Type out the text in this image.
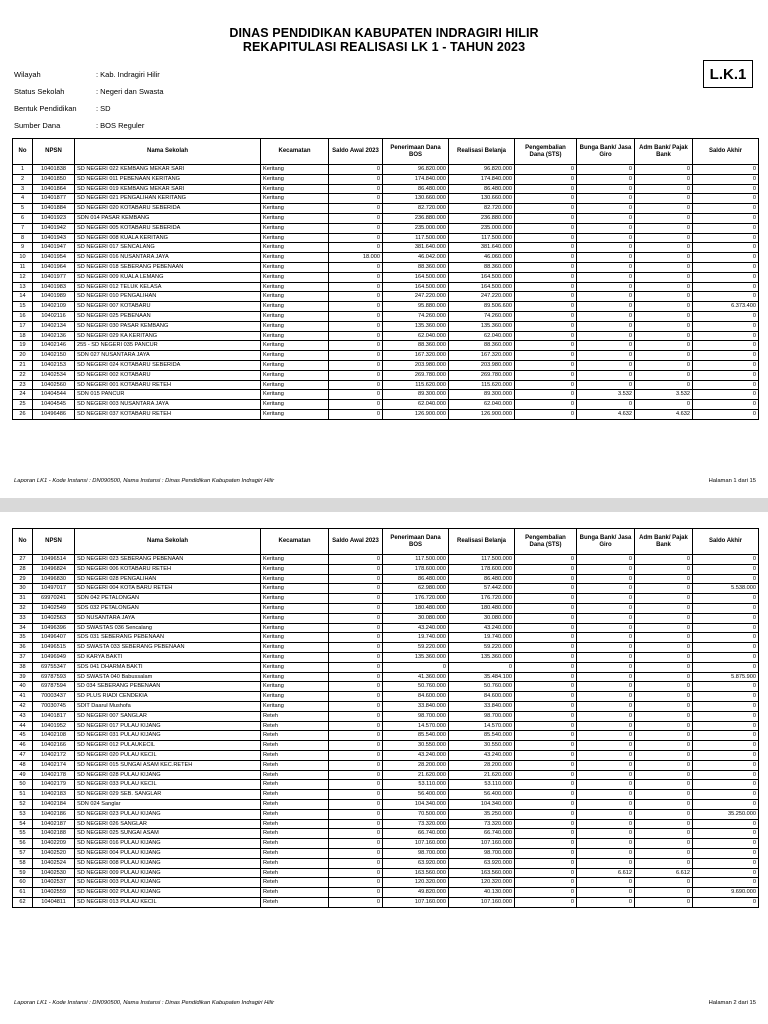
DINAS PENDIDIKAN KABUPATEN INDRAGIRI HILIR
REKAPITULASI REALISASI LK 1 - TAHUN 2023
L.K.1
Wilayah	: Kab. Indragiri Hilir
Status Sekolah	: Negeri dan Swasta
Bentuk Pendidikan	: SD
Sumber Dana	: BOS Reguler
No	NPSN	Nama Sekolah	Kecamatan	Saldo Awal 2023	Penerimaan Dana BOS	Realisasi Belanja	Pengembalian Dana (STS)	Bunga Bank/ Jasa Giro	Adm Bank/ Pajak Bank	Saldo Akhir
1	10401838	SD NEGERI 022 KEMBANG MEKAR SARI	Keritang	0	96.820.000	96.820.000	0	0	0	0
2	10401850	SD NEGERI 011 PEBENAAN KERITANG	Keritang	0	174.840.000	174.840.000	0	0	0	0
3	10401864	SD NEGERI 019 KEMBANG MEKAR SARI	Keritang	0	86.480.000	86.480.000	0	0	0	0
4	10401877	SD NEGERI 021 PENGALIHAN KERITANG	Keritang	0	130.660.000	130.660.000	0	0	0	0
5	10401884	SD NEGERI 020 KOTABARU SEBERIDA	Keritang	0	82.720.000	82.720.000	0	0	0	0
6	10401923	SDN 014 PASAR KEMBANG	Keritang	0	236.880.000	236.880.000	0	0	0	0
7	10401942	SD NEGERI 005 KOTABARU SEBERIDA	Keritang	0	235.000.000	235.000.000	0	0	0	0
8	10401943	SD NEGERI 008 KUALA KERITANG	Keritang	0	117.500.000	117.500.000	0	0	0	0
9	10401947	SD NEGERI 017 SENCALANG	Keritang	0	381.640.000	381.640.000	0	0	0	0
10	10401954	SD NEGERI 016 NUSANTARA JAYA	Keritang	18.000	46.042.000	46.060.000	0	0	0	0
11	10401964	SD NEGERI 018 SEBERANG PEBENAAN	Keritang	0	88.360.000	88.360.000	0	0	0	0
12	10401977	SD NEGERI 009 KUALA LEMANG	Keritang	0	164.500.000	164.500.000	0	0	0	0
13	10401983	SD NEGERI 012 TELUK KELASA	Keritang	0	164.500.000	164.500.000	0	0	0	0
14	10401989	SD NEGERI 010 PENGALIHAN	Keritang	0	247.220.000	247.220.000	0	0	0	0
15	10402109	SD NEGERI 007 KOTABARU	Keritang	0	95.880.000	89.506.600	0	0	0	6.373.400
16	10402116	SD NEGERI 025 PEBENAAN	Keritang	0	74.260.000	74.260.000	0	0	0	0
17	10402134	SD NEGERI 030 PASAR KEMBANG	Keritang	0	135.360.000	135.360.000	0	0	0	0
18	10402136	SD NEGERI 029 KA KERITANG	Keritang	0	62.040.000	62.040.000	0	0	0	0
19	10402146	255 - SD NEGERI 035 PANCUR	Keritang	0	88.360.000	88.360.000	0	0	0	0
20	10402150	SDN 027 NUSANTARA JAYA	Keritang	0	167.320.000	167.320.000	0	0	0	0
21	10402153	SD NEGERI 024 KOTABARU SEBERIDA	Keritang	0	203.980.000	203.980.000	0	0	0	0
22	10402534	SD NEGERI 002 KOTABARU	Keritang	0	269.780.000	269.780.000	0	0	0	0
23	10402560	SD NEGERI 001 KOTABARU RETEH	Keritang	0	115.620.000	115.620.000	0	0	0	0
24	10404544	SDN 015 PANCUR	Keritang	0	89.300.000	89.300.000	0	3.532	3.532	0
25	10404545	SD NEGERI 003 NUSANTARA JAYA	Keritang	0	62.040.000	62.040.000	0	0	0	0
26	10496486	SD NEGERI 037 KOTABARU RETEH	Keritang	0	126.900.000	126.900.000	0	4.632	4.632	0
Laporan LK1 - Kode Instansi : DN090500, Nama Instansi : Dinas Pendidikan Kabupaten Indragiri Hilir	Halaman 1 dari 15
No	NPSN	Nama Sekolah	Kecamatan	Saldo Awal 2023	Penerimaan Dana BOS	Realisasi Belanja	Pengembalian Dana (STS)	Bunga Bank/ Jasa Giro	Adm Bank/ Pajak Bank	Saldo Akhir
27	10496514	SD NEGERI 023 SEBERANG PEBENAAN	Keritang	0	117.500.000	117.500.000	0	0	0	0
28	10496824	SD NEGERI 006 KOTABARU RETEH	Keritang	0	178.600.000	178.600.000	0	0	0	0
29	10496830	SD NEGERI 028 PENGALIHAN	Keritang	0	86.480.000	86.480.000	0	0	0	0
30	10497017	SD NEGERI 004 KOTA BARU RETEH	Keritang	0	62.980.000	57.442.000	0	0	0	5.538.000
31	69970241	SDN 042 PETALONGAN	Keritang	0	176.720.000	176.720.000	0	0	0	0
32	10402549	SDS 032 PETALONGAN	Keritang	0	180.480.000	180.480.000	0	0	0	0
33	10402563	SD NUSANTARA JAYA	Keritang	0	30.080.000	30.080.000	0	0	0	0
34	10496396	SD SWASTAS 036 Sencalang	Keritang	0	43.240.000	43.240.000	0	0	0	0
35	10496407	SDS 031 SEBERANG PEBENAAN	Keritang	0	19.740.000	19.740.000	0	0	0	0
36	10496515	SD SWASTA 033 SEBERANG PEBENAAN	Keritang	0	59.220.000	59.220.000	0	0	0	0
37	10496949	SD KARYA BAKTI	Keritang	0	135.360.000	135.360.000	0	0	0	0
38	69755347	SDS 041 DHARMA BAKTI	Keritang	0	0	0	0	0	0	0
39	69787593	SD SWASTA 040 Babussalam	Keritang	0	41.360.000	35.484.100	0	0	0	5.875.900
40	69787594	SD 034 SEBERANG PEBENAAN	Keritang	0	50.760.000	50.760.000	0	0	0	0
41	70003437	SD PLUS RIADI CENDEKIA	Keritang	0	84.600.000	84.600.000	0	0	0	0
42	70030745	SDIT Daarul Mushofa	Keritang	0	33.840.000	33.840.000	0	0	0	0
43	10401817	SD NEGERI 007 SANGLAR	Reteh	0	98.700.000	98.700.000	0	0	0	0
44	10401952	SD NEGERI 017 PULAU KIJANG	Reteh	0	14.570.000	14.570.000	0	0	0	0
45	10402108	SD NEGERI 031 PULAU KIJANG	Reteh	0	85.540.000	85.540.000	0	0	0	0
46	10402166	SD NEGERI 012 PULAUKECIL	Reteh	0	30.550.000	30.550.000	0	0	0	0
47	10402172	SD NEGERI 020 PULAU KECIL	Reteh	0	43.240.000	43.240.000	0	0	0	0
48	10402174	SD NEGERI 015 SUNGAI ASAM KEC.RETEH	Reteh	0	28.200.000	28.200.000	0	0	0	0
49	10402178	SD NEGERI 028 PULAU KIJANG	Reteh	0	21.620.000	21.620.000	0	0	0	0
50	10402179	SD NEGERI 033 PULAU KECIL	Reteh	0	53.110.000	53.110.000	0	0	0	0
51	10402183	SD NEGERI 029 SEB. SANGLAR	Reteh	0	56.400.000	56.400.000	0	0	0	0
52	10402184	SDN 024 Sanglar	Reteh	0	104.340.000	104.340.000	0	0	0	0
53	10402186	SD NEGERI 023 PULAU KIJANG	Reteh	0	70.500.000	35.250.000	0	0	0	35.250.000
54	10402187	SD NEGERI 026 SANGLAR	Reteh	0	73.320.000	73.320.000	0	0	0	0
55	10402188	SD NEGERI 025 SUNGAI ASAM	Reteh	0	66.740.000	66.740.000	0	0	0	0
56	10402209	SD NEGERI 016 PULAU KIJANG	Reteh	0	107.160.000	107.160.000	0	0	0	0
57	10402520	SD NEGERI 004 PULAU KIJANG	Reteh	0	98.700.000	98.700.000	0	0	0	0
58	10402524	SD NEGERI 008 PULAU KIJANG	Reteh	0	63.920.000	63.920.000	0	0	0	0
59	10402530	SD NEGERI 009 PULAU KIJANG	Reteh	0	163.560.000	163.560.000	0	6.612	6.612	0
60	10402537	SD NEGERI 003 PULAU KIJANG	Reteh	0	120.320.000	120.320.000	0	0	0	0
61	10402559	SD NEGERI 002 PULAU KIJANG	Reteh	0	49.820.000	40.130.000	0	0	0	9.690.000
62	10404811	SD NEGERI 013 PULAU KECIL	Reteh	0	107.160.000	107.160.000	0	0	0	0
Laporan LK1 - Kode Instansi : DN090500, Nama Instansi : Dinas Pendidikan Kabupaten Indragiri Hilir	Halaman 2 dari 15
